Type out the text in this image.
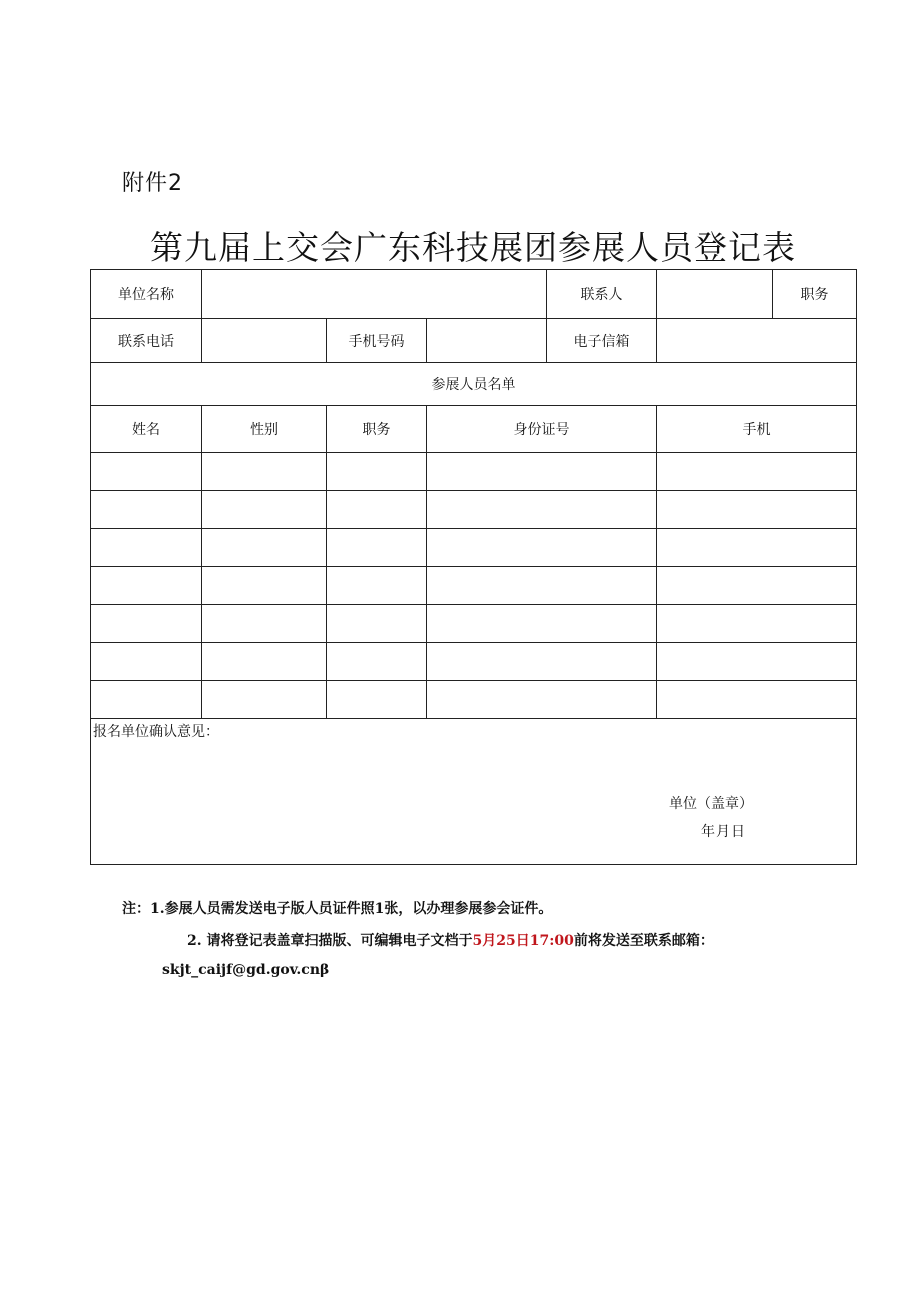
附件2
第九届上交会广东科技展团参展人员登记表
单位名称				联系人		职务
联系电话		手机号码		电子信箱		
参展人员名单						
姓名	性别	职务	身份证号		手机	

报名单位确认意见：
单位（盖章）
年月日						
注：1.参展人员需发送电子版人员证件照1张，以办理参展参会证件。
2. 请将登记表盖章扫描版、可编辑电子文档于5月25日17:00前将发送至联系邮箱：
skjt_caijf@gd.gov.cnβ
